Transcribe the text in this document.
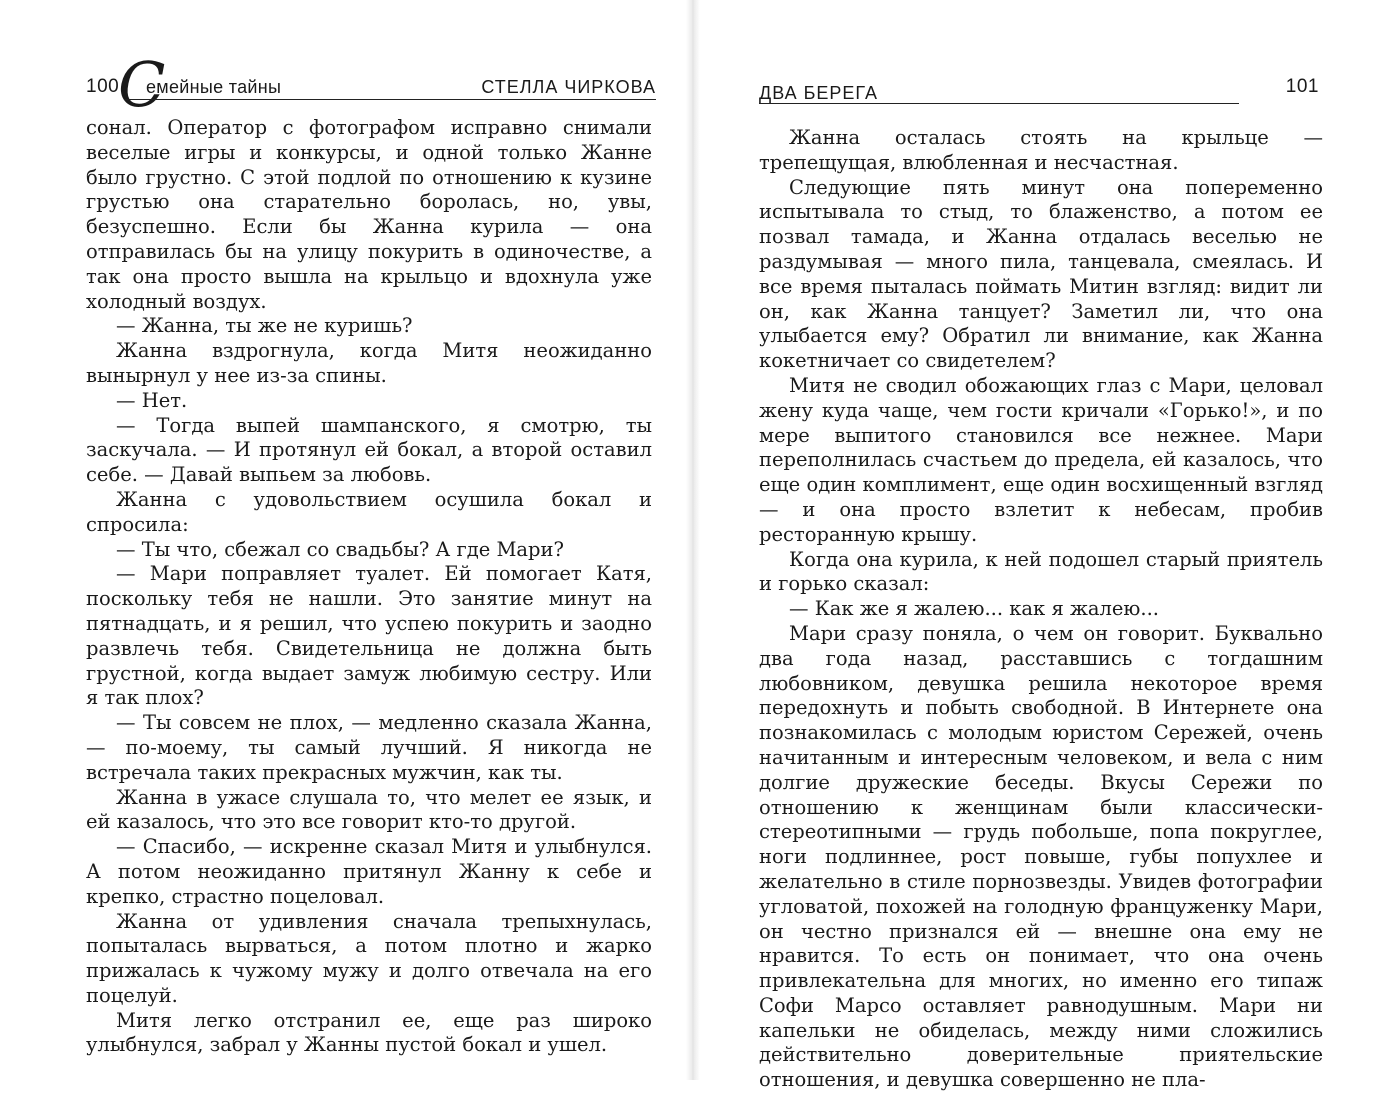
100
С
емейные тайны	СТЕЛЛА ЧИРКОВА

сонал. Оператор с фотографом исправно снимали веселые игры и конкурсы, и одной только Жанне было грустно. С этой подлой по отношению к кузине грустью она старательно боролась, но, увы, безуспешно. Если бы Жанна курила — она отправилась бы на улицу покурить в одиночестве, а так она просто вышла на крыльцо и вдохнула уже холодный воздух.

— Жанна, ты же не куришь?

Жанна вздрогнула, когда Митя неожиданно вынырнул у нее из-за спины.

— Нет.

— Тогда выпей шампанского, я смотрю, ты заскучала. — И протянул ей бокал, а второй оставил себе. — Давай выпьем за любовь.

Жанна с удовольствием осушила бокал и спросила:

— Ты что, сбежал со свадьбы? А где Мари?

— Мари поправляет туалет. Ей помогает Катя, поскольку тебя не нашли. Это занятие минут на пятнадцать, и я решил, что успею покурить и заодно развлечь тебя. Свидетельница не должна быть грустной, когда выдает замуж любимую сестру. Или я так плох?

— Ты совсем не плох, — медленно сказала Жанна, — по-моему, ты самый лучший. Я никогда не встречала таких прекрасных мужчин, как ты.

Жанна в ужасе слушала то, что мелет ее язык, и ей казалось, что это все говорит кто-то другой.

— Спасибо, — искренне сказал Митя и улыбнулся. А потом неожиданно притянул Жанну к себе и крепко, страстно поцеловал.

Жанна от удивления сначала трепыхнулась, попыталась вырваться, а потом плотно и жарко прижалась к чужому мужу и долго отвечала на его поцелуй.

Митя легко отстранил ее, еще раз широко улыбнулся, забрал у Жанны пустой бокал и ушел.

ДВА БЕРЕГА	101

Жанна осталась стоять на крыльце — трепещущая, влюбленная и несчастная.

Следующие пять минут она попеременно испытывала то стыд, то блаженство, а потом ее позвал тамада, и Жанна отдалась веселью не раздумывая — много пила, танцевала, смеялась. И все время пыталась поймать Митин взгляд: видит ли он, как Жанна танцует? Заметил ли, что она улыбается ему? Обратил ли внимание, как Жанна кокетничает со свидетелем?

Митя не сводил обожающих глаз с Мари, целовал жену куда чаще, чем гости кричали «Горько!», и по мере выпитого становился все нежнее. Мари переполнилась счастьем до предела, ей казалось, что еще один комплимент, еще один восхищенный взгляд — и она просто взлетит к небесам, пробив ресторанную крышу.

Когда она курила, к ней подошел старый приятель и горько сказал:

— Как же я жалею... как я жалею...

Мари сразу поняла, о чем он говорит. Буквально два года назад, расставшись с тогдашним любовником, девушка решила некоторое время передохнуть и побыть свободной. В Интернете она познакомилась с молодым юристом Сережей, очень начитанным и интересным человеком, и вела с ним долгие дружеские беседы. Вкусы Сережи по отношению к женщинам были классически-стереотипными — грудь побольше, попа покруглее, ноги подлиннее, рост повыше, губы попухлее и желательно в стиле порнозвезды. Увидев фотографии угловатой, похожей на голодную француженку Мари, он честно признался ей — внешне она ему не нравится. То есть он понимает, что она очень привлекательна для многих, но именно его типаж Софи Марсо оставляет равнодушным. Мари ни капельки не обиделась, между ними сложились действительно доверительные приятельские отношения, и девушка совершенно не пла-
